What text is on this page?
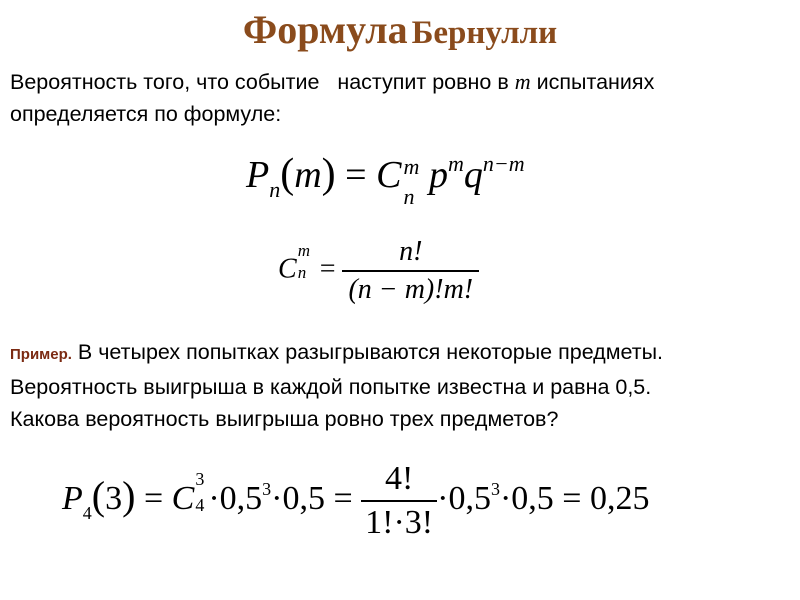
Формула Бернулли
Вероятность того, что событие   наступит ровно в m испытаниях
определяется по формуле:
$P_n(m) = C$ m
n
$p^mq^{n-m}$
C
m
$n = \frac{n!}{(n - m)!m!}$
Пример. В четырех попытках разыгрываются некоторые предметы.
Вероятность выигрыша в каждой попытке известна и равна 0,5.
Какова вероятность выигрыша ровно трех предметов?
$P_4(3) = C$
3
$4 \cdot 0,5^3\cdot 0,5 = \frac{4!}{1!\cdot 3!} \cdot 0,5^3\cdot 0,5 = 0,25$
